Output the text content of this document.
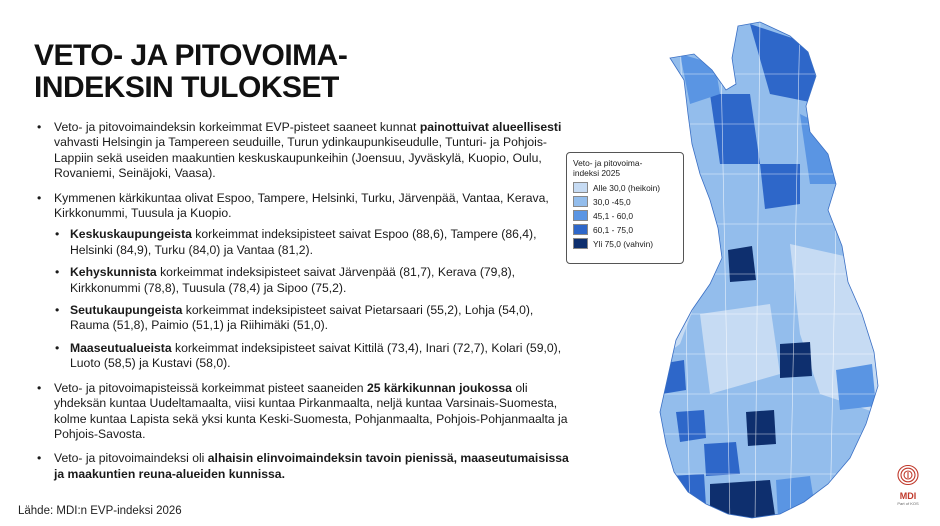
VETO- JA PITOVOIMA-
INDEKSIN TULOKSET
• Veto- ja pitovoimaindeksin korkeimmat EVP-pisteet saaneet kunnat painottuivat alueellisesti vahvasti Helsingin ja Tampereen seuduille, Turun ydinkaupunkiseudulle, Tunturi- ja Pohjois-Lappiin sekä useiden maakuntien keskuskaupunkeihin (Joensuu, Jyväskylä, Kuopio, Oulu, Rovaniemi, Seinäjoki, Vaasa).
• Kymmenen kärkikuntaa olivat Espoo, Tampere, Helsinki, Turku, Järvenpää, Vantaa, Kerava, Kirkkonummi, Tuusula ja Kuopio.
• Keskuskaupungeista korkeimmat indeksipisteet saivat Espoo (88,6), Tampere (86,4), Helsinki (84,9), Turku (84,0) ja Vantaa (81,2).
• Kehyskunnista korkeimmat indeksipisteet saivat Järvenpää (81,7), Kerava (79,8), Kirkkonummi (78,8), Tuusula (78,4) ja Sipoo (75,2).
• Seutukaupungeista korkeimmat indeksipisteet saivat Pietarsaari (55,2), Lohja (54,0), Rauma (51,8), Paimio (51,1) ja Riihimäki (51,0).
• Maaseutualueista korkeimmat indeksipisteet saivat Kittilä (73,4), Inari (72,7), Kolari (59,0), Luoto (58,5) ja Kustavi (58,0).
• Veto- ja pitovoimapisteissä korkeimmat pisteet saaneiden 25 kärkikunnan joukossa oli yhdeksän kuntaa Uudeltamaalta, viisi kuntaa Pirkanmaalta, neljä kuntaa Varsinais-Suomesta, kolme kuntaa Lapista sekä yksi kunta Keski-Suomesta, Pohjanmaalta, Pohjois-Pohjanmaalta ja Pohjois-Savosta.
• Veto- ja pitovoimaindeksi oli alhaisin elinvoimaindeksin tavoin pienissä, maaseutumaisissa ja maakuntien reuna-alueiden kunnissa.
Lähde: MDI:n EVP-indeksi 2026
Veto- ja pitovoima-
indeksi 2025
Alle 30,0 (heikoin)
30,0 -45,0
45,1 - 60,0
60,1 - 75,0
Yli 75,0 (vahvin)
MDI
Part of KOS
